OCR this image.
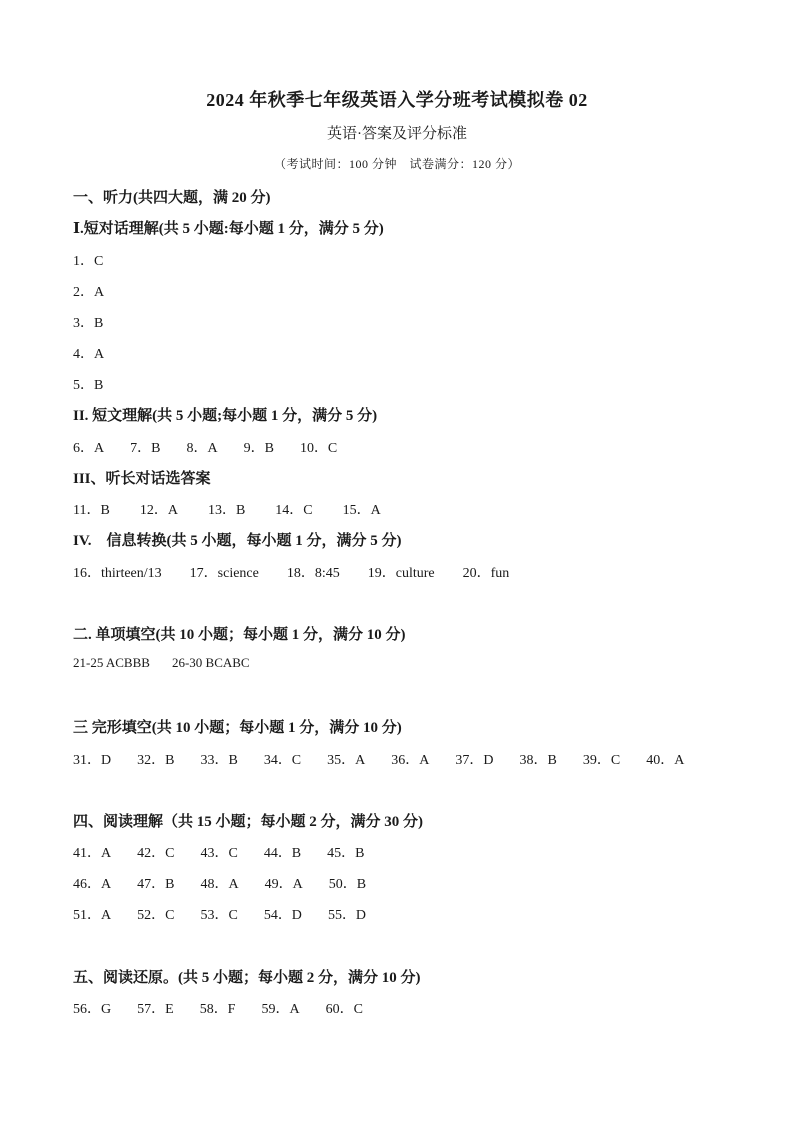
2024 年秋季七年级英语入学分班考试模拟卷 02
英语·答案及评分标准
（考试时间：100 分钟　试卷满分：120 分）
一、听力(共四大题，满 20 分)
Ⅰ.短对话理解(共 5 小题:每小题 1 分，满分 5 分)
1．C
2．A
3．B
4．A
5．B
II. 短文理解(共 5 小题;每小题 1 分，满分 5 分)
6．A 7．B 8．A 9．B 10．C
III、听长对话选答案
11．B 12．A 13．B 14．C 15．A
IV.　信息转换(共 5 小题，每小题 1 分，满分 5 分)
16．thirteen/13 17．science 18．8:45 19．culture 20．fun
二. 单项填空(共 10 小题；每小题 1 分，满分 10 分)
21-25 ACBBB 26-30 BCABC
三 完形填空(共 10 小题；每小题 1 分，满分 10 分)
31．D 32．B 33．B 34．C 35．A 36．A 37．D 38．B 39．C 40．A
四、阅读理解（共 15 小题；每小题 2 分，满分 30 分)
41．A 42．C 43．C 44．B 45．B
46．A 47．B 48．A 49．A 50．B
51．A 52．C 53．C 54．D 55．D
五、阅读还原。(共 5 小题；每小题 2 分，满分 10 分)
56．G 57．E 58．F 59．A 60．C
